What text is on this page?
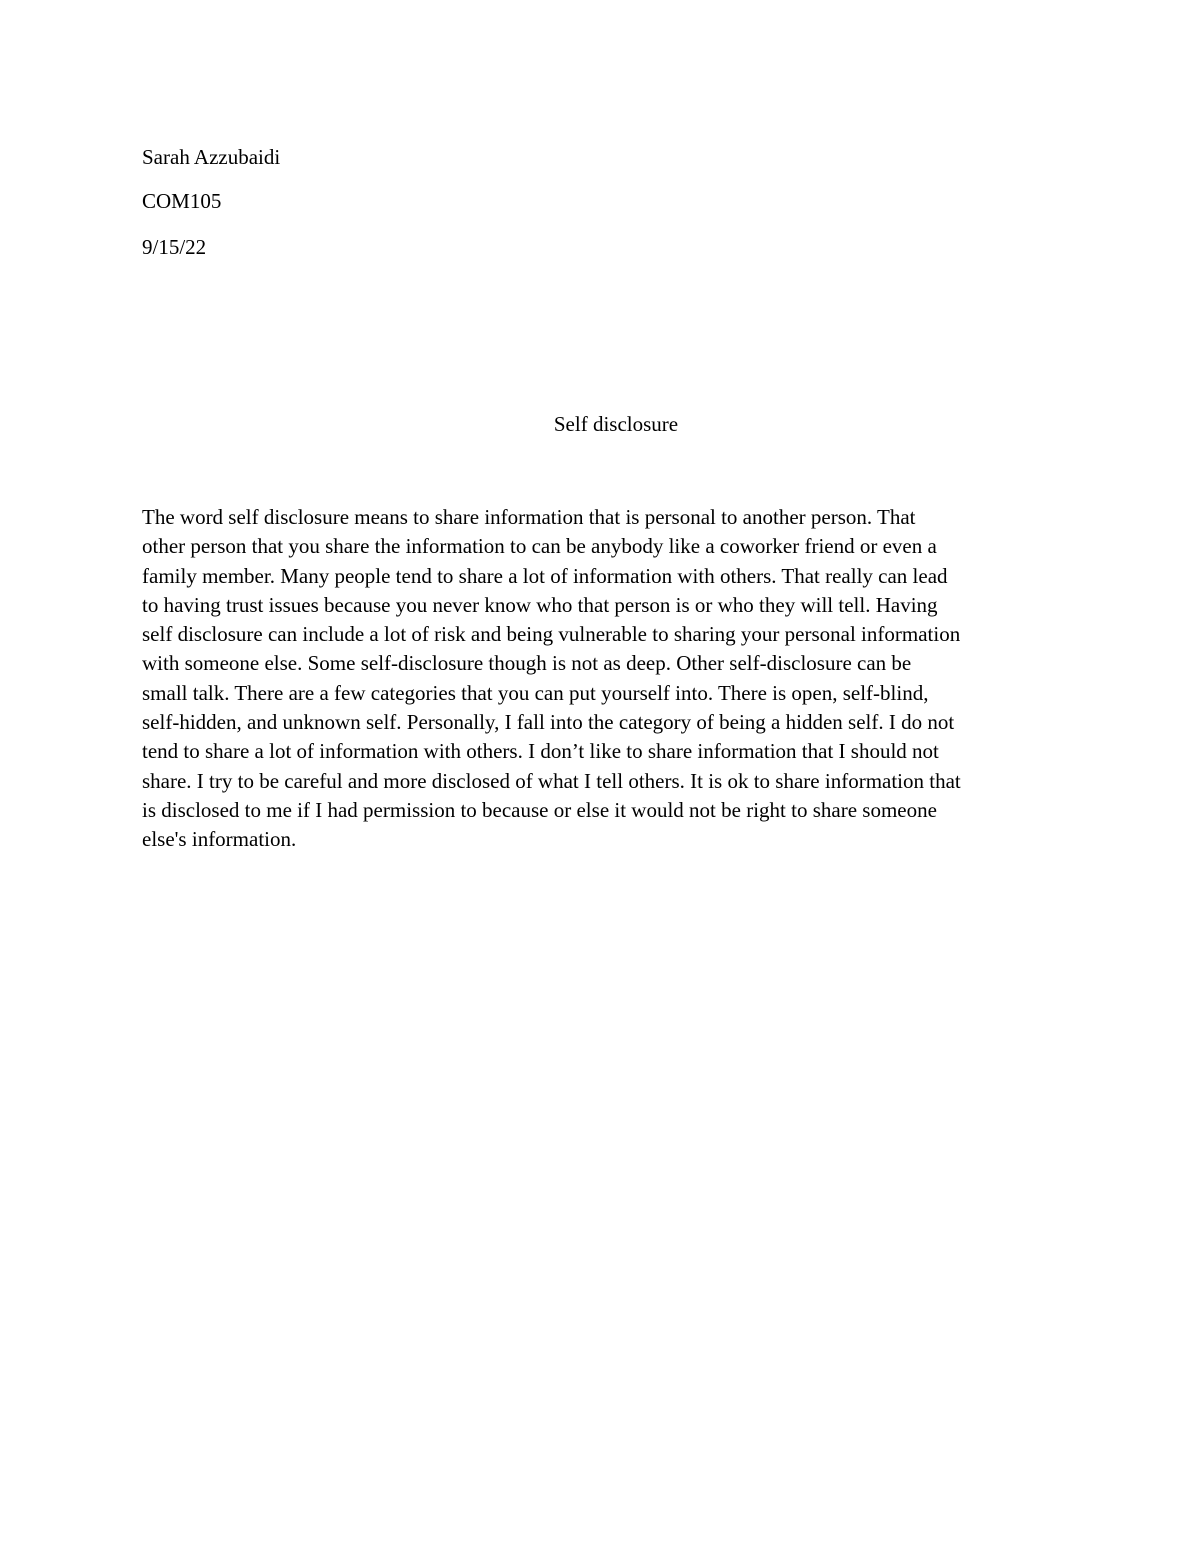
Sarah Azzubaidi

COM105

9/15/22

Self disclosure
The word self disclosure means to share information that is personal to another person. That
other person that you share the information to can be anybody like a coworker friend or even a
family member. Many people tend to share a lot of information with others. That really can lead
to having trust issues because you never know who that person is or who they will tell. Having
self disclosure can include a lot of risk and being vulnerable to sharing your personal information
with someone else. Some self-disclosure though is not as deep. Other self-disclosure can be
small talk. There are a few categories that you can put yourself into. There is open, self-blind,
self-hidden, and unknown self. Personally, I fall into the category of being a hidden self. I do not
tend to share a lot of information with others. I don’t like to share information that I should not
share. I try to be careful and more disclosed of what I tell others. It is ok to share information that
is disclosed to me if I had permission to because or else it would not be right to share someone
else's information.
